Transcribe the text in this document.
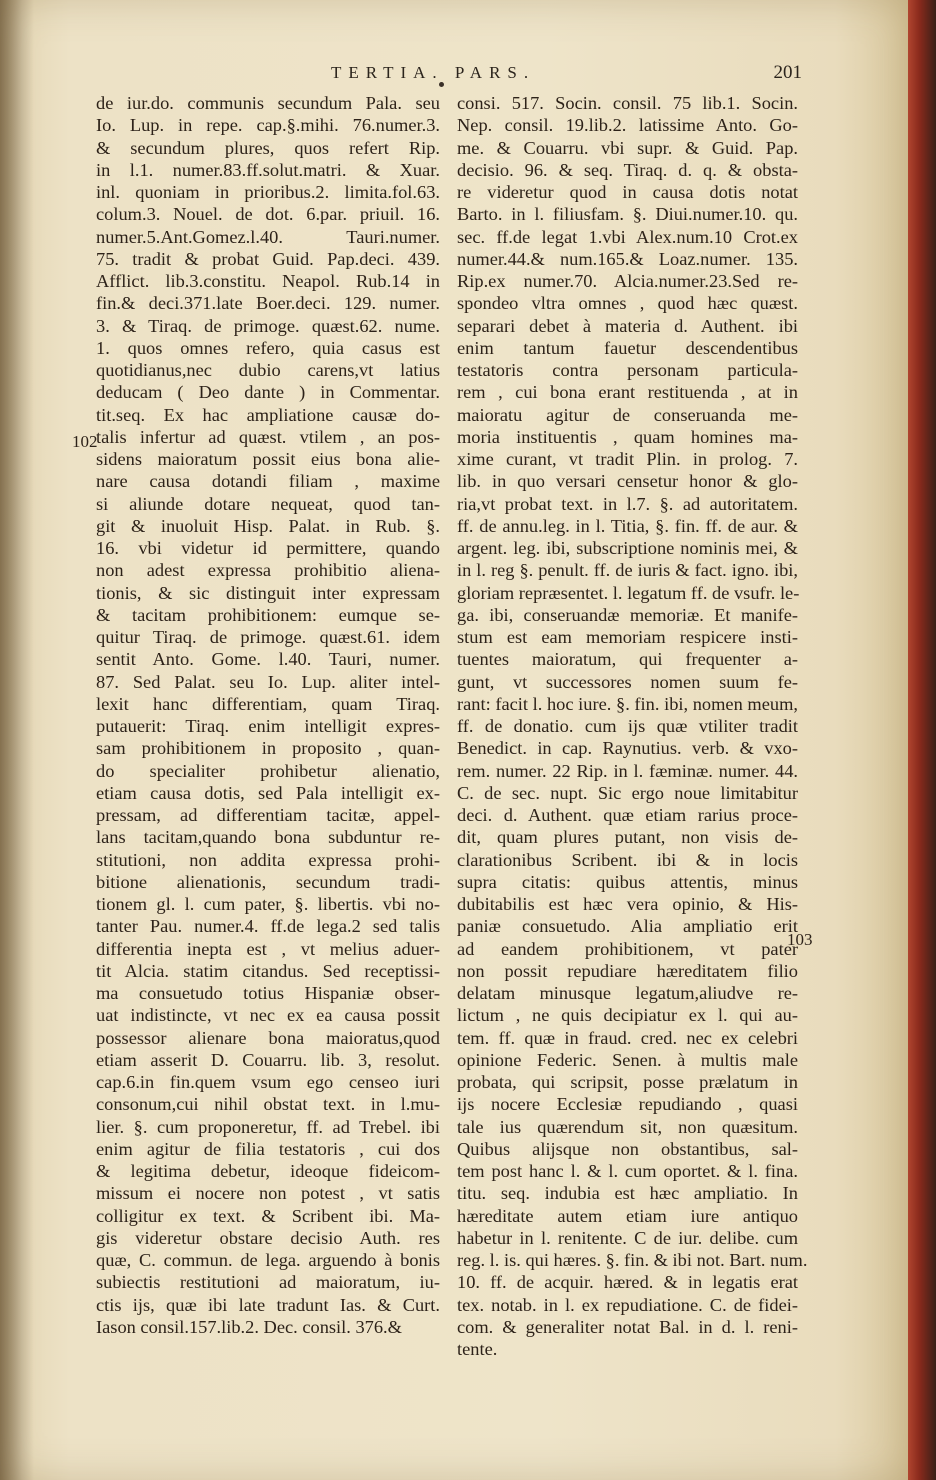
TERTIA. PARS.	201
102
103
de iur.do. communis secundum Pala. seu
Io. Lup. in repe. cap.§.mihi. 76.numer.3.
& secundum plures, quos refert Rip.
in l.1. numer.83.ff.solut.matri. & Xuar.
inl. quoniam in prioribus.2. limita.fol.63.
colum.3. Nouel. de dot. 6.par. priuil. 16.
numer.5.Ant.Gomez.l.40. Tauri.numer.
75. tradit & probat Guid. Pap.deci. 439.
Afflict. lib.3.constitu. Neapol. Rub.14 in
fin.& deci.371.late Boer.deci. 129. numer.
3. & Tiraq. de primoge. quæst.62. nume.
1. quos omnes refero, quia casus est
quotidianus,nec dubio carens,vt latius
deducam ( Deo dante ) in Commentar.
tit.seq. Ex hac ampliatione causæ do-
talis infertur ad quæst. vtilem , an pos-
sidens maioratum possit eius bona alie-
nare causa dotandi filiam , maxime
si aliunde dotare nequeat, quod tan-
git & inuoluit Hisp. Palat. in Rub. §.
16. vbi videtur id permittere, quando
non adest expressa prohibitio aliena-
tionis, & sic distinguit inter expressam
& tacitam prohibitionem: eumque se-
quitur Tiraq. de primoge. quæst.61. idem
sentit Anto. Gome. l.40. Tauri, numer.
87. Sed Palat. seu Io. Lup. aliter intel-
lexit hanc differentiam, quam Tiraq.
putauerit: Tiraq. enim intelligit expres-
sam prohibitionem in proposito , quan-
do specialiter prohibetur alienatio,
etiam causa dotis, sed Pala intelligit ex-
pressam, ad differentiam tacitæ, appel-
lans tacitam,quando bona subduntur re-
stitutioni, non addita expressa prohi-
bitione alienationis, secundum tradi-
tionem gl. l. cum pater, §. libertis. vbi no-
tanter Pau. numer.4. ff.de lega.2 sed talis
differentia inepta est , vt melius aduer-
tit Alcia. statim citandus. Sed receptissi-
ma consuetudo totius Hispaniæ obser-
uat indistincte, vt nec ex ea causa possit
possessor alienare bona maioratus,quod
etiam asserit D. Couarru. lib. 3, resolut.
cap.6.in fin.quem vsum ego censeo iuri
consonum,cui nihil obstat text. in l.mu-
lier. §. cum proponeretur, ff. ad Trebel. ibi
enim agitur de filia testatoris , cui dos
& legitima debetur, ideoque fideicom-
missum ei nocere non potest , vt satis
colligitur ex text. & Scribent ibi. Ma-
gis videretur obstare decisio Auth. res
quæ, C. commun. de lega. arguendo à bonis
subiectis restitutioni ad maioratum, iu-
ctis ijs, quæ ibi late tradunt Ias. & Curt.
Iason consil.157.lib.2. Dec. consil. 376.&
consi. 517. Socin. consil. 75 lib.1. Socin.
Nep. consil. 19.lib.2. latissime Anto. Go-
me. & Couarru. vbi supr. & Guid. Pap.
decisio. 96. & seq. Tiraq. d. q. & obsta-
re videretur quod in causa dotis notat
Barto. in l. filiusfam. §. Diui.numer.10. qu.
sec. ff.de legat 1.vbi Alex.num.10 Crot.ex
numer.44.& num.165.& Loaz.numer. 135.
Rip.ex numer.70. Alcia.numer.23.Sed re-
spondeo vltra omnes , quod hæc quæst.
separari debet à materia d. Authent. ibi
enim tantum fauetur descendentibus
testatoris contra personam particula-
rem , cui bona erant restituenda , at in
maioratu agitur de conseruanda me-
moria instituentis , quam homines ma-
xime curant, vt tradit Plin. in prolog. 7.
lib. in quo versari censetur honor & glo-
ria,vt probat text. in l.7. §. ad autoritatem.
ff. de annu.leg. in l. Titia, §. fin. ff. de aur. &
argent. leg. ibi, subscriptione nominis mei, &
in l. reg §. penult. ff. de iuris & fact. igno. ibi,
gloriam repræsentet. l. legatum ff. de vsufr. le-
ga. ibi, conseruandæ memoriæ. Et manife-
stum est eam memoriam respicere insti-
tuentes maioratum, qui frequenter a-
gunt, vt successores nomen suum fe-
rant: facit l. hoc iure. §. fin. ibi, nomen meum,
ff. de donatio. cum ijs quæ vtiliter tradit
Benedict. in cap. Raynutius. verb. & vxo-
rem. numer. 22 Rip. in l. fæminæ. numer. 44.
C. de sec. nupt. Sic ergo noue limitabitur
deci. d. Authent. quæ etiam rarius proce-
dit, quam plures putant, non visis de-
clarationibus Scribent. ibi & in locis
supra citatis: quibus attentis, minus
dubitabilis est hæc vera opinio, & His-
paniæ consuetudo. Alia ampliatio erit
ad eandem prohibitionem, vt pater
non possit repudiare hæreditatem filio
delatam minusque legatum,aliudve re-
lictum , ne quis decipiatur ex l. qui au-
tem. ff. quæ in fraud. cred. nec ex celebri
opinione Federic. Senen. à multis male
probata, qui scripsit, posse prælatum in
ijs nocere Ecclesiæ repudiando , quasi
tale ius quærendum sit, non quæsitum.
Quibus alijsque non obstantibus, sal-
tem post hanc l. & l. cum oportet. & l. fina.
titu. seq. indubia est hæc ampliatio. In
hæreditate autem etiam iure antiquo
habetur in l. renitente. C de iur. delibe. cum
reg. l. is. qui hæres. §. fin. & ibi not. Bart. num.
10. ff. de acquir. hæred. & in legatis erat
tex. notab. in l. ex repudiatione. C. de fidei-
com. & generaliter notat Bal. in d. l. reni-
tente.
